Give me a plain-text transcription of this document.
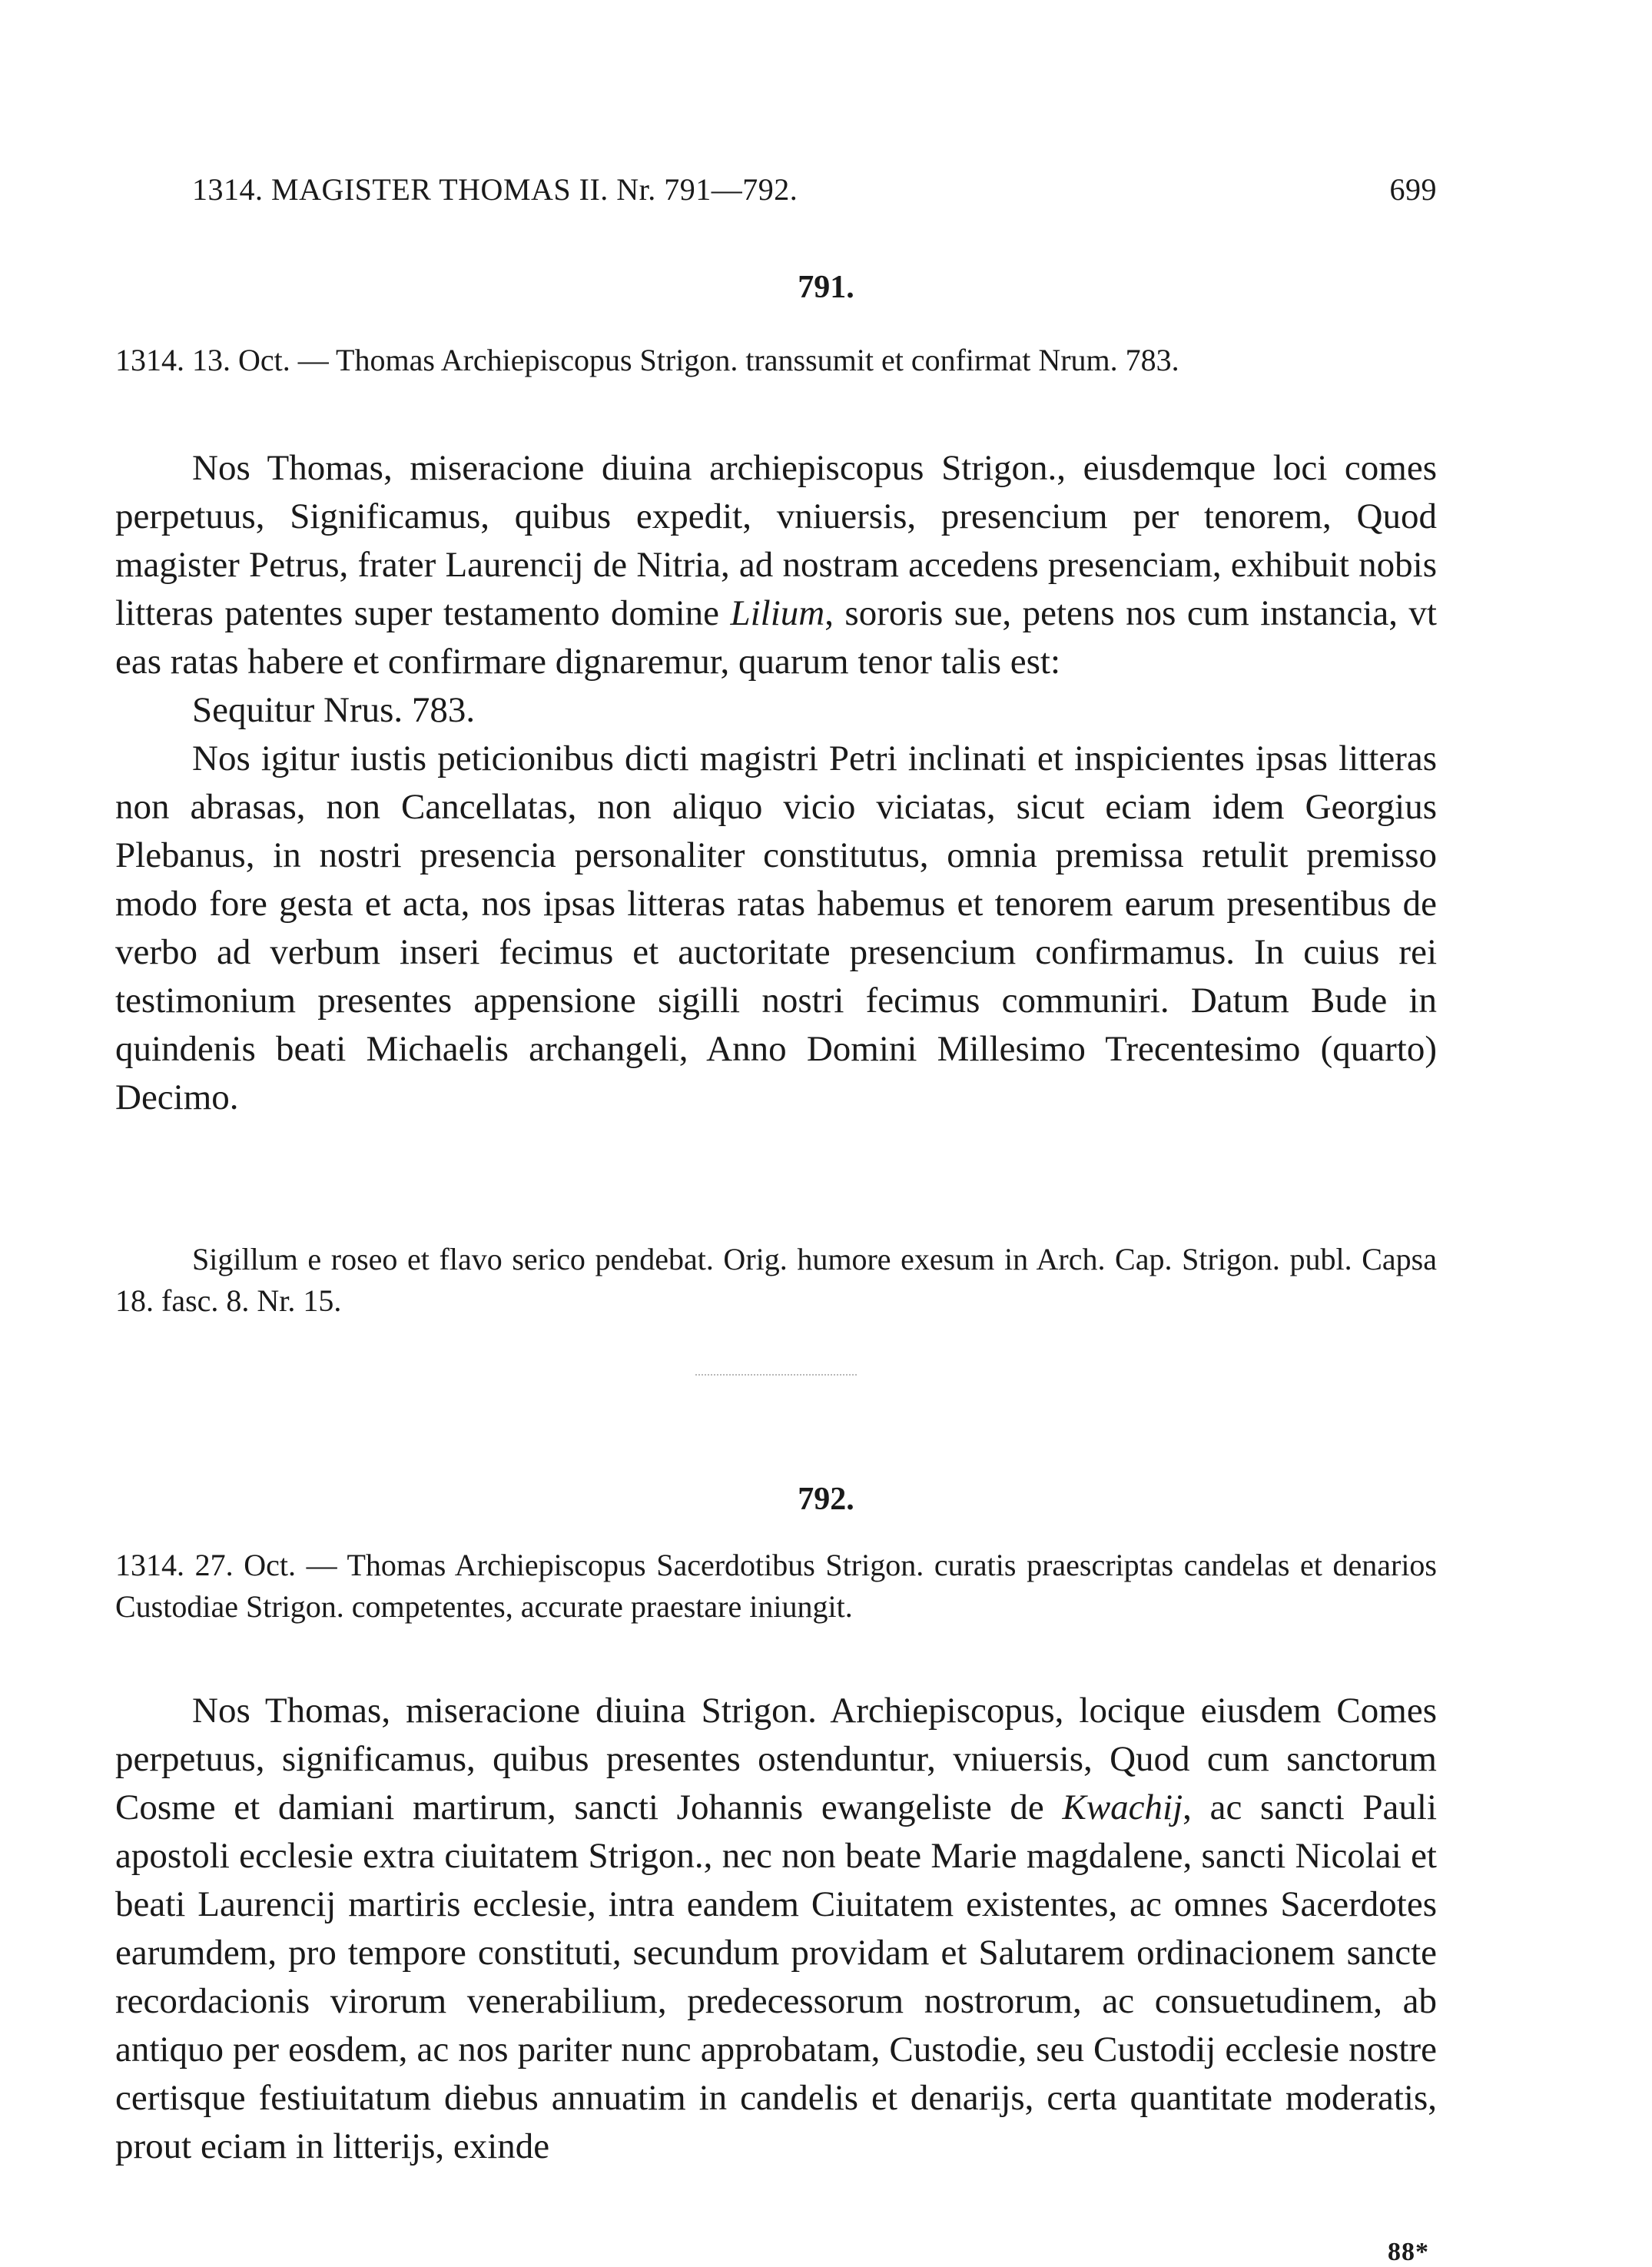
1314. MAGISTER THOMAS II. Nr. 791—792.	699
791.
1314. 13. Oct. — Thomas Archiepiscopus Strigon. transsumit et confirmat Nrum. 783.

Nos Thomas, miseracione diuina archiepiscopus Strigon., eiusdemque loci comes perpetuus, Significamus, quibus expedit, vniuersis, presencium per tenorem, Quod magister Petrus, frater Laurencij de Nitria, ad nostram accedens presenciam, exhibuit nobis litteras patentes super testamento domine Lilium, sororis sue, petens nos cum instancia, vt eas ratas habere et confirmare dignaremur, quarum tenor talis est:

Sequitur Nrus. 783.

Nos igitur iustis peticionibus dicti magistri Petri inclinati et inspicientes ipsas litteras non abrasas, non Cancellatas, non aliquo vicio viciatas, sicut eciam idem Georgius Plebanus, in nostri presencia personaliter constitutus, omnia premissa retulit premisso modo fore gesta et acta, nos ipsas litteras ratas habemus et tenorem earum presentibus de verbo ad verbum inseri fecimus et auctoritate presencium confirmamus. In cuius rei testimonium presentes appensione sigilli nostri fecimus communiri. Datum Bude in quindenis beati Michaelis archangeli, Anno Domini Millesimo Trecentesimo (quarto) Decimo.

Sigillum e roseo et flavo serico pendebat. Orig. humore exesum in Arch. Cap. Strigon. publ. Capsa 18. fasc. 8. Nr. 15.

792.
1314. 27. Oct. — Thomas Archiepiscopus Sacerdotibus Strigon. curatis praescriptas candelas et denarios Custodiae Strigon. competentes, accurate praestare iniungit.

Nos Thomas, miseracione diuina Strigon. Archiepiscopus, locique eiusdem Comes perpetuus, significamus, quibus presentes ostenduntur, vniuersis, Quod cum sanctorum Cosme et damiani martirum, sancti Johannis ewangeliste de Kwachij, ac sancti Pauli apostoli ecclesie extra ciuitatem Strigon., nec non beate Marie magdalene, sancti Nicolai et beati Laurencij martiris ecclesie, intra eandem Ciuitatem existentes, ac omnes Sacerdotes earumdem, pro tempore constituti, secundum providam et Salutarem ordinacionem sancte recordacionis virorum venerabilium, predecessorum nostrorum, ac consuetudinem, ab antiquo per eosdem, ac nos pariter nunc approbatam, Custodie, seu Custodij ecclesie nostre certisque festiuitatum diebus annuatim in candelis et denarijs, certa quantitate moderatis, prout eciam in litterijs, exinde

88*
